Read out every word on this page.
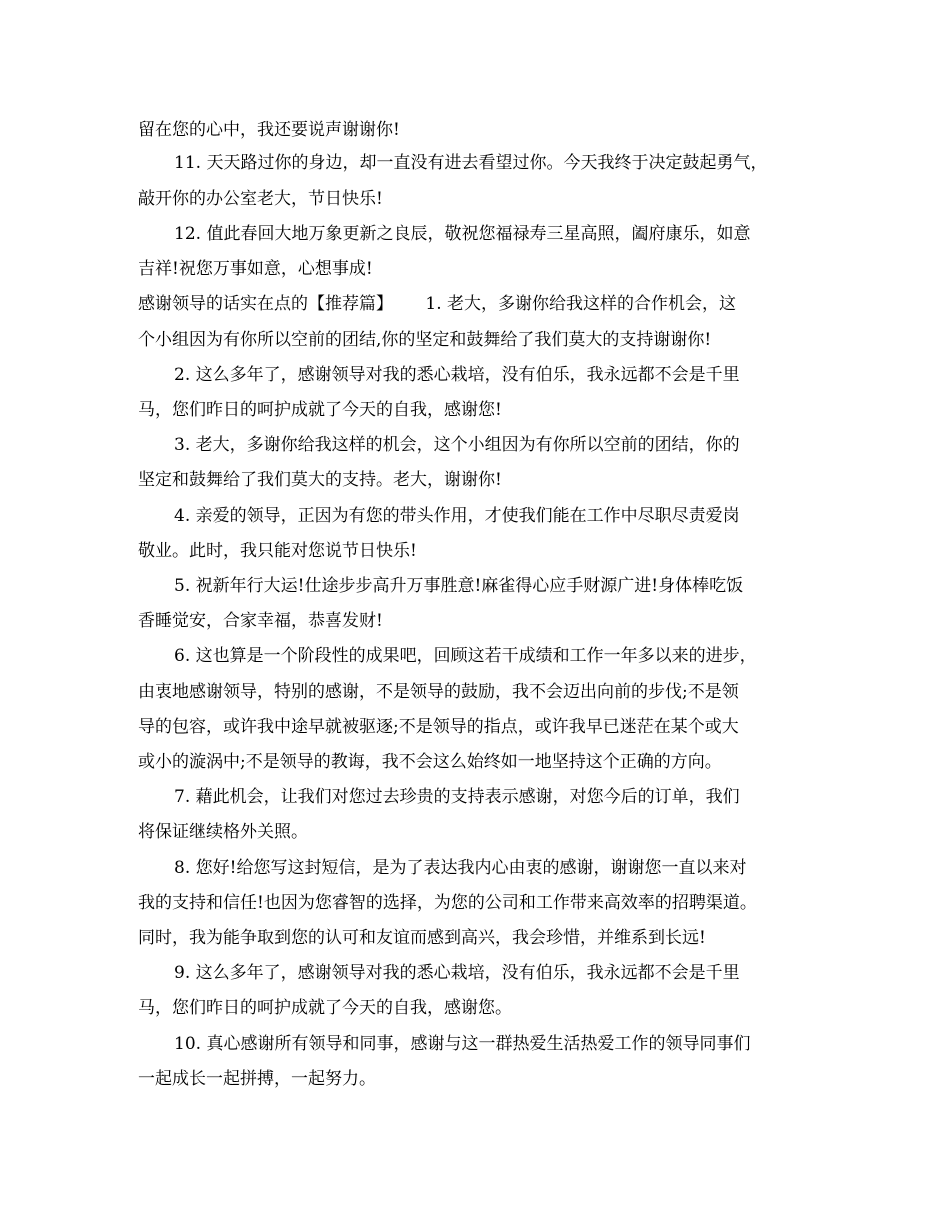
留在您的心中，我还要说声谢谢你!
11. 天天路过你的身边，却一直没有进去看望过你。今天我终于决定鼓起勇气，
敲开你的办公室老大，节日快乐!
12. 值此春回大地万象更新之良辰，敬祝您福禄寿三星高照，阖府康乐，如意
吉祥!祝您万事如意，心想事成!
感谢领导的话实在点的【推荐篇】      1. 老大，多谢你给我这样的合作机会，这
个小组因为有你所以空前的团结,你的坚定和鼓舞给了我们莫大的支持谢谢你!
2. 这么多年了，感谢领导对我的悉心栽培，没有伯乐，我永远都不会是千里
马，您们昨日的呵护成就了今天的自我，感谢您!
3. 老大，多谢你给我这样的机会，这个小组因为有你所以空前的团结，你的
坚定和鼓舞给了我们莫大的支持。老大，谢谢你!
4. 亲爱的领导，正因为有您的带头作用，才使我们能在工作中尽职尽责爱岗
敬业。此时，我只能对您说节日快乐!
5. 祝新年行大运!仕途步步高升万事胜意!麻雀得心应手财源广进!身体棒吃饭
香睡觉安，合家幸福，恭喜发财!
6. 这也算是一个阶段性的成果吧，回顾这若干成绩和工作一年多以来的进步，
由衷地感谢领导，特别的感谢，不是领导的鼓励，我不会迈出向前的步伐;不是领
导的包容，或许我中途早就被驱逐;不是领导的指点，或许我早已迷茫在某个或大
或小的漩涡中;不是领导的教诲，我不会这么始终如一地坚持这个正确的方向。
7. 藉此机会，让我们对您过去珍贵的支持表示感谢，对您今后的订单，我们
将保证继续格外关照。
8. 您好!给您写这封短信，是为了表达我内心由衷的感谢，谢谢您一直以来对
我的支持和信任!也因为您睿智的选择，为您的公司和工作带来高效率的招聘渠道。
同时，我为能争取到您的认可和友谊而感到高兴，我会珍惜，并维系到长远!
9. 这么多年了，感谢领导对我的悉心栽培，没有伯乐，我永远都不会是千里
马，您们昨日的呵护成就了今天的自我，感谢您。
10. 真心感谢所有领导和同事，感谢与这一群热爱生活热爱工作的领导同事们
一起成长一起拼搏，一起努力。
